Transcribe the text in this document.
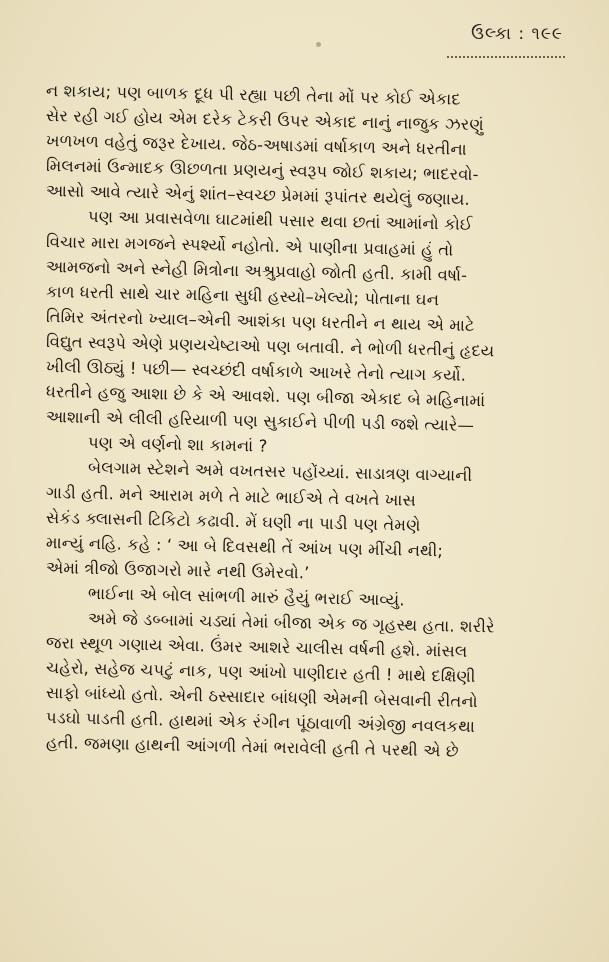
ઉલ્કા : ૧૯૯
ન શકાય; પણ બાળક દૂધ પી રહ્યા પછી તેના મોં પર કોઈ એકાદ
સેર રહી ગઈ હોય એમ દરેક ટેકરી ઉપર એકાદ નાનું નાજુક ઝરણું
ખળખળ વહેતું જરૂર દેખાય. જેઠ-અષાડમાં વર્ષાકાળ અને ધરતીના
મિલનમાં ઉન્માદક ઊછળતા પ્રણયનું સ્વરૂપ જોઈ શકાય; ભાદરવો-
આસો આવે ત્યારે એનું શાંત–સ્વચ્છ પ્રેમમાં રૂપાંતર થયેલું જણાય.
પણ આ પ્રવાસવેળા ઘાટમાંથી પસાર થવા છતાં આમાંનો કોઈ
વિચાર મારા મગજને સ્પર્શ્યો નહોતો. એ પાણીના પ્રવાહમાં હું તો
આમજનો અને સ્નેહી મિત્રોના અશ્રુપ્રવાહો જોતી હતી. કામી વર્ષા-
કાળ ધરતી સાથે ચાર મહિના સુધી હસ્યો–ખેલ્યો; પોતાના ઘન
તિમિર અંતરનો ખ્યાલ–એની આશંકા પણ ધરતીને ન થાય એ માટે
વિદ્યુત સ્વરૂપે એણે પ્રણયચેષ્ટાઓ પણ બતાવી. ને ભોળી ધરતીનું હૃદય
ખીલી ઊઠ્યું ! પછી— સ્વચ્છંદી વર્ષાકાળે આખરે તેનો ત્યાગ કર્યો.
ધરતીને હજુ આશા છે કે એ આવશે. પણ બીજા એકાદ બે મહિનામાં
આશાની એ લીલી હરિયાળી પણ સુકાઈને પીળી પડી જશે ત્યારે—
પણ એ વર્ણનો શા કામનાં ?
બેલગામ સ્ટેશને અમે વખતસર પહોંચ્યાં. સાડાત્રણ વાગ્યાની
ગાડી હતી. મને આરામ મળે તે માટે ભાઈએ તે વખતે ખાસ
સેકંડ ક્લાસની ટિકિટો કઢાવી. મેં ઘણી ના પાડી પણ તેમણે
માન્યું નહિ. કહે : ‘ આ બે દિવસથી તેં આંખ પણ મીંચી નથી;
એમાં ત્રીજો ઉજાગરો મારે નથી ઉમેરવો.’
ભાઈના એ બોલ સાંભળી મારું હૈયું ભરાઈ આવ્યું.
અમે જે ડબ્બામાં ચડ્યાં તેમાં બીજા એક જ ગૃહસ્થ હતા. શરીરે
જરા સ્થૂળ ગણાય એવા. ઉંમર આશરે ચાલીસ વર્ષની હશે. માંસલ
ચહેરો, સહેજ ચપટું નાક, પણ આંખો પાણીદાર હતી ! માથે દક્ષિણી
સાફો બાંધ્યો હતો. એની ઠસ્સાદાર બાંધણી એમની બેસવાની રીતનો
પડઘો પાડતી હતી. હાથમાં એક રંગીન પૂંઠાવાળી અંગ્રેજી નવલકથા
હતી. જમણા હાથની આંગળી તેમાં ભરાવેલી હતી તે પરથી એ છે
